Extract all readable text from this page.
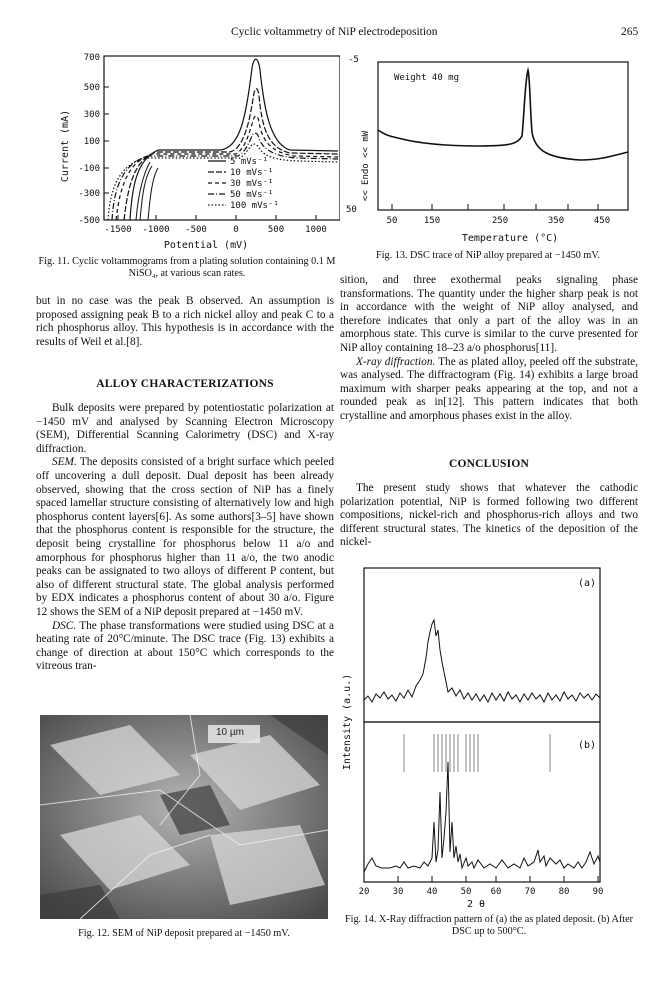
Cyclic voltammetry of NiP electrodeposition	265
700
500
300
100
-100
-300
-500
-1500 -1000 -500	0	500 1000
Potential (mV)
Current (mA)	5 mVs⁻¹
10 mVs⁻¹
30 mVs⁻¹
50 mVs⁻¹
100 mVs⁻¹
Fig. 11. Cyclic voltammograms from a plating solution containing 0.1 M NiSO₄, at various scan rates.
-5
50
Weight 40 mg
<< Endo << mW
50	150	250	350	450
Temperature (°C)
Fig. 13. DSC trace of NiP alloy prepared at −1450 mV.

but in no case was the peak B observed. An assumption is proposed assigning peak B to a rich nickel alloy and peak C to a rich phosphorus alloy. This hypothesis is in accordance with the results of Weil et al.[8].

ALLOY CHARACTERIZATIONS

Bulk deposits were prepared by potentiostatic polarization at −1450 mV and analysed by Scanning Electron Microscopy (SEM), Differential Scanning Calorimetry (DSC) and X-ray diffraction.

SEM. The deposits consisted of a bright surface which peeled off uncovering a dull deposit. Dual deposit has been already observed, showing that the cross section of NiP has a finely spaced lamellar structure consisting of alternatively low and high phosphorus content layers[6]. As some authors[3–5] have shown that the phosphorus content is responsible for the structure, the deposit being crystalline for phosphorus below 11 a/o and amorphous for phosphorus higher than 11 a/o, the two anodic peaks can be assignated to two alloys of different P content, but also of different structural state. The global analysis performed by EDX indicates a phosphorus content of about 30 a/o. Figure 12 shows the SEM of a NiP deposit prepared at −1450 mV.

DSC. The phase transformations were studied using DSC at a heating rate of 20°C/minute. The DSC trace (Fig. 13) exhibits a change of direction at about 150°C which corresponds to the vitreous tran-

10 µm
Fig. 12. SEM of NiP deposit prepared at −1450 mV.

sition, and three exothermal peaks signaling phase transformations. The quantity under the higher sharp peak is not in accordance with the weight of NiP alloy analysed, and therefore indicates that only a part of the alloy was in an amorphous state. This curve is similar to the curve presented for NiP alloy containing 18–23 a/o phosphorus[11].

X-ray diffraction. The as plated alloy, peeled off the substrate, was analysed. The diffractogram (Fig. 14) exhibits a large broad maximum with sharper peaks appearing at the top, and not a rounded peak as in[12]. This pattern indicates that both crystalline and amorphous phases exist in the alloy.

CONCLUSION

The present study shows that whatever the cathodic polarization potential, NiP is formed following two different compositions, nickel-rich and phosphorus-rich alloys and two different structural states. The kinetics of the deposition of the nickel-

Intensity (a.u.)
(a)
(b)
20	30	40	50 60	70	80	90
2 θ
Fig. 14. X-Ray diffraction pattern of (a) the as plated deposit. (b) After DSC up to 500°C.
